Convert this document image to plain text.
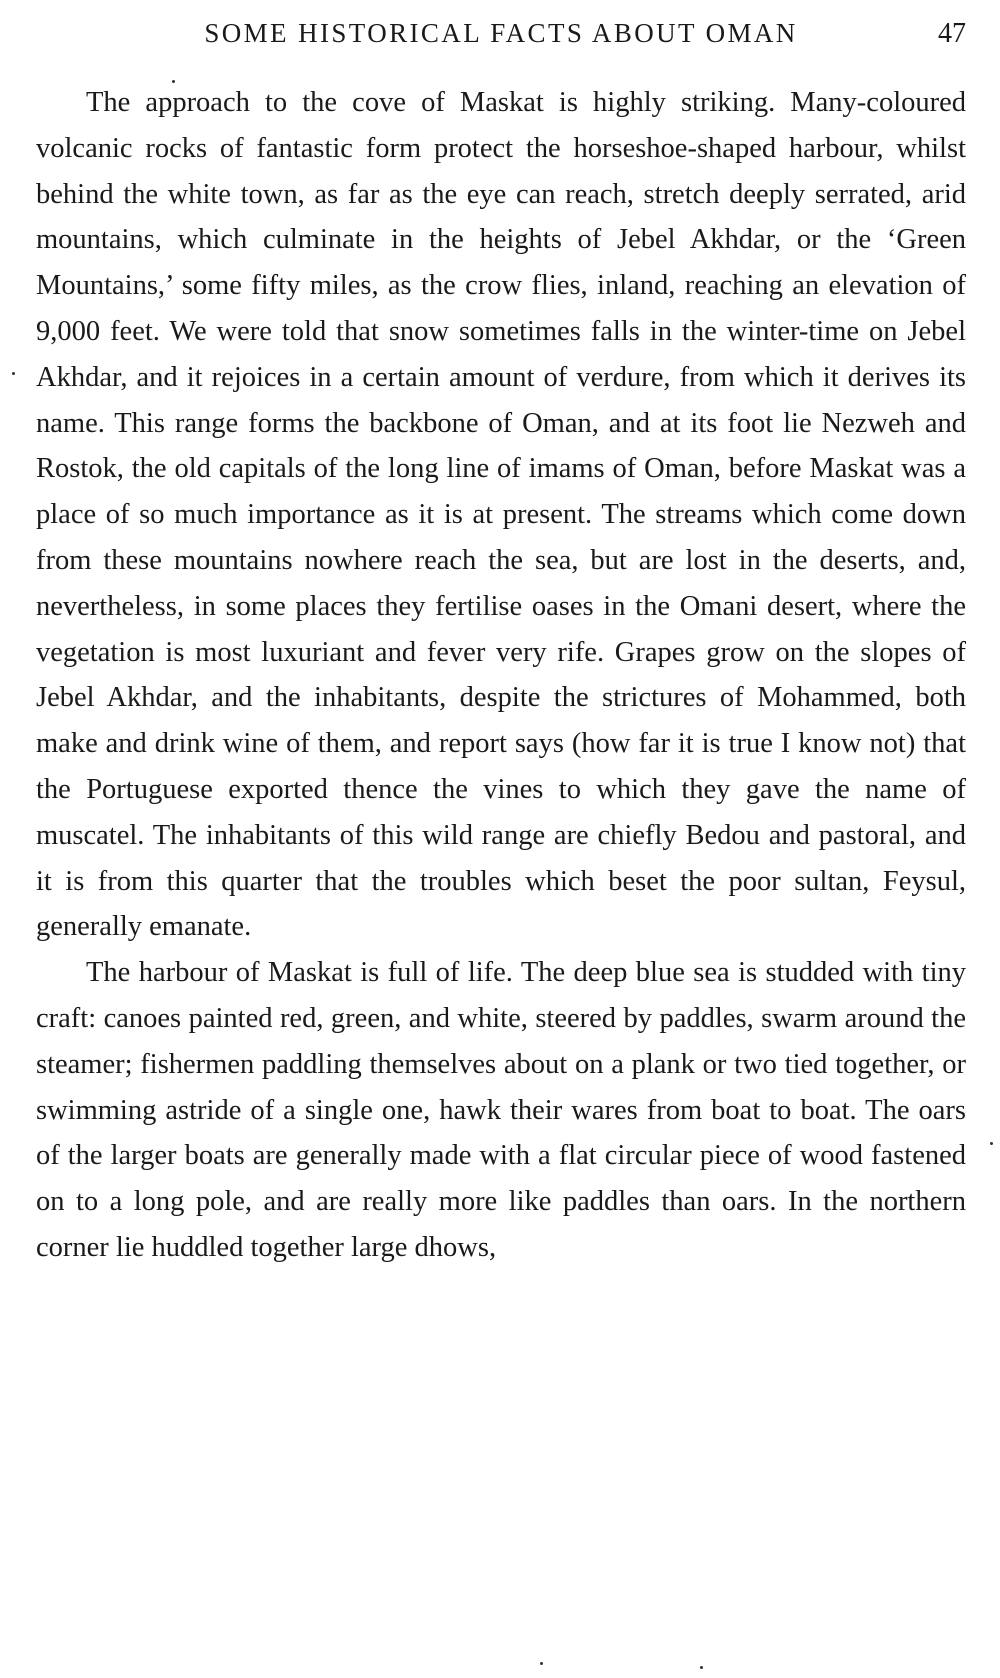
SOME HISTORICAL FACTS ABOUT OMAN	47

The approach to the cove of Maskat is highly striking. Many-coloured volcanic rocks of fantastic form protect the horseshoe-shaped harbour, whilst behind the white town, as far as the eye can reach, stretch deeply serrated, arid mountains, which culminate in the heights of Jebel Akhdar, or the ‘Green Mountains,’ some fifty miles, as the crow flies, inland, reaching an elevation of 9,000 feet. We were told that snow sometimes falls in the winter-time on Jebel Akhdar, and it rejoices in a certain amount of verdure, from which it derives its name. This range forms the backbone of Oman, and at its foot lie Nezweh and Rostok, the old capitals of the long line of imams of Oman, before Maskat was a place of so much importance as it is at present. The streams which come down from these mountains nowhere reach the sea, but are lost in the deserts, and, nevertheless, in some places they fertilise oases in the Omani desert, where the vegetation is most luxuriant and fever very rife. Grapes grow on the slopes of Jebel Akhdar, and the inhabitants, despite the strictures of Mohammed, both make and drink wine of them, and report says (how far it is true I know not) that the Portuguese exported thence the vines to which they gave the name of muscatel. The inhabitants of this wild range are chiefly Bedou and pastoral, and it is from this quarter that the troubles which beset the poor sultan, Feysul, generally emanate.

The harbour of Maskat is full of life. The deep blue sea is studded with tiny craft: canoes painted red, green, and white, steered by paddles, swarm around the steamer; fishermen paddling themselves about on a plank or two tied together, or swimming astride of a single one, hawk their wares from boat to boat. The oars of the larger boats are generally made with a flat circular piece of wood fastened on to a long pole, and are really more like paddles than oars. In the northern corner lie huddled together large dhows,
